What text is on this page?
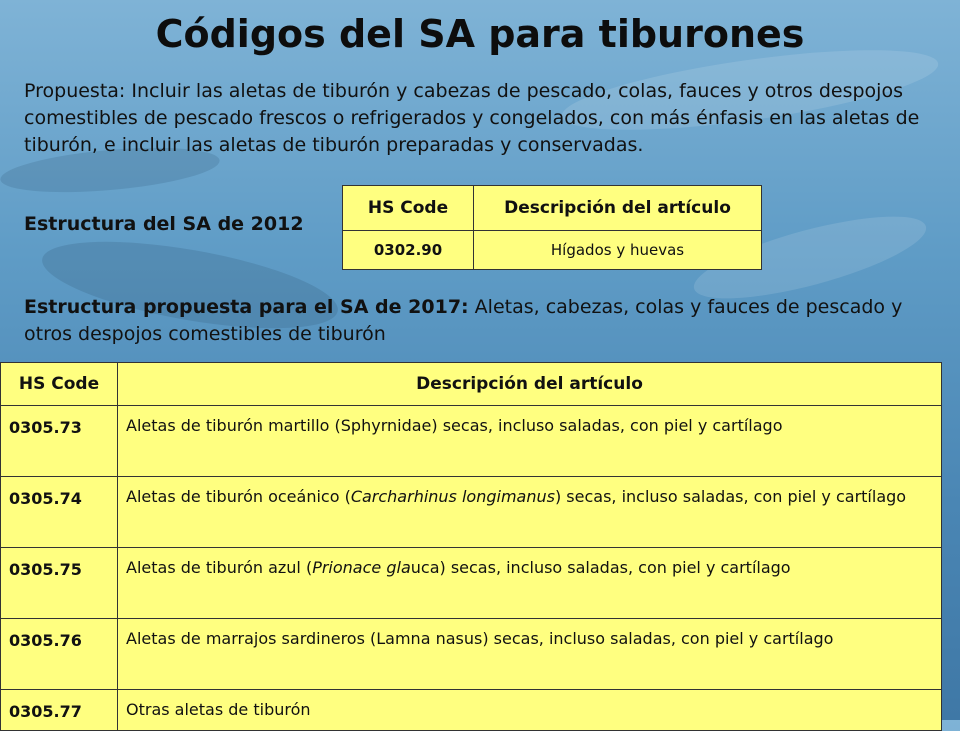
Códigos del SA para tiburones

Propuesta: Incluir las aletas de tiburón y cabezas de pescado, colas, fauces y otros despojos comestibles de pescado frescos o refrigerados y congelados, con más énfasis en las aletas de tiburón, e incluir las aletas de tiburón preparadas y conservadas.

Estructura del SA de 2012

HS Code	Descripción del artículo
0302.90	Hígados y huevas

Estructura propuesta para el SA de 2017: Aletas, cabezas, colas y fauces de pescado y otros despojos comestibles de tiburón

HS Code	Descripción del artículo
0305.73	Aletas de tiburón martillo (Sphyrnidae) secas, incluso saladas, con piel y cartílago
0305.74	Aletas de tiburón oceánico (Carcharhinus longimanus) secas, incluso saladas, con piel y cartílago
0305.75	Aletas de tiburón azul (Prionace glauca) secas, incluso saladas, con piel y cartílago
0305.76	Aletas de marrajos sardineros (Lamna nasus) secas, incluso saladas, con piel y cartílago
0305.77	Otras aletas de tiburón
